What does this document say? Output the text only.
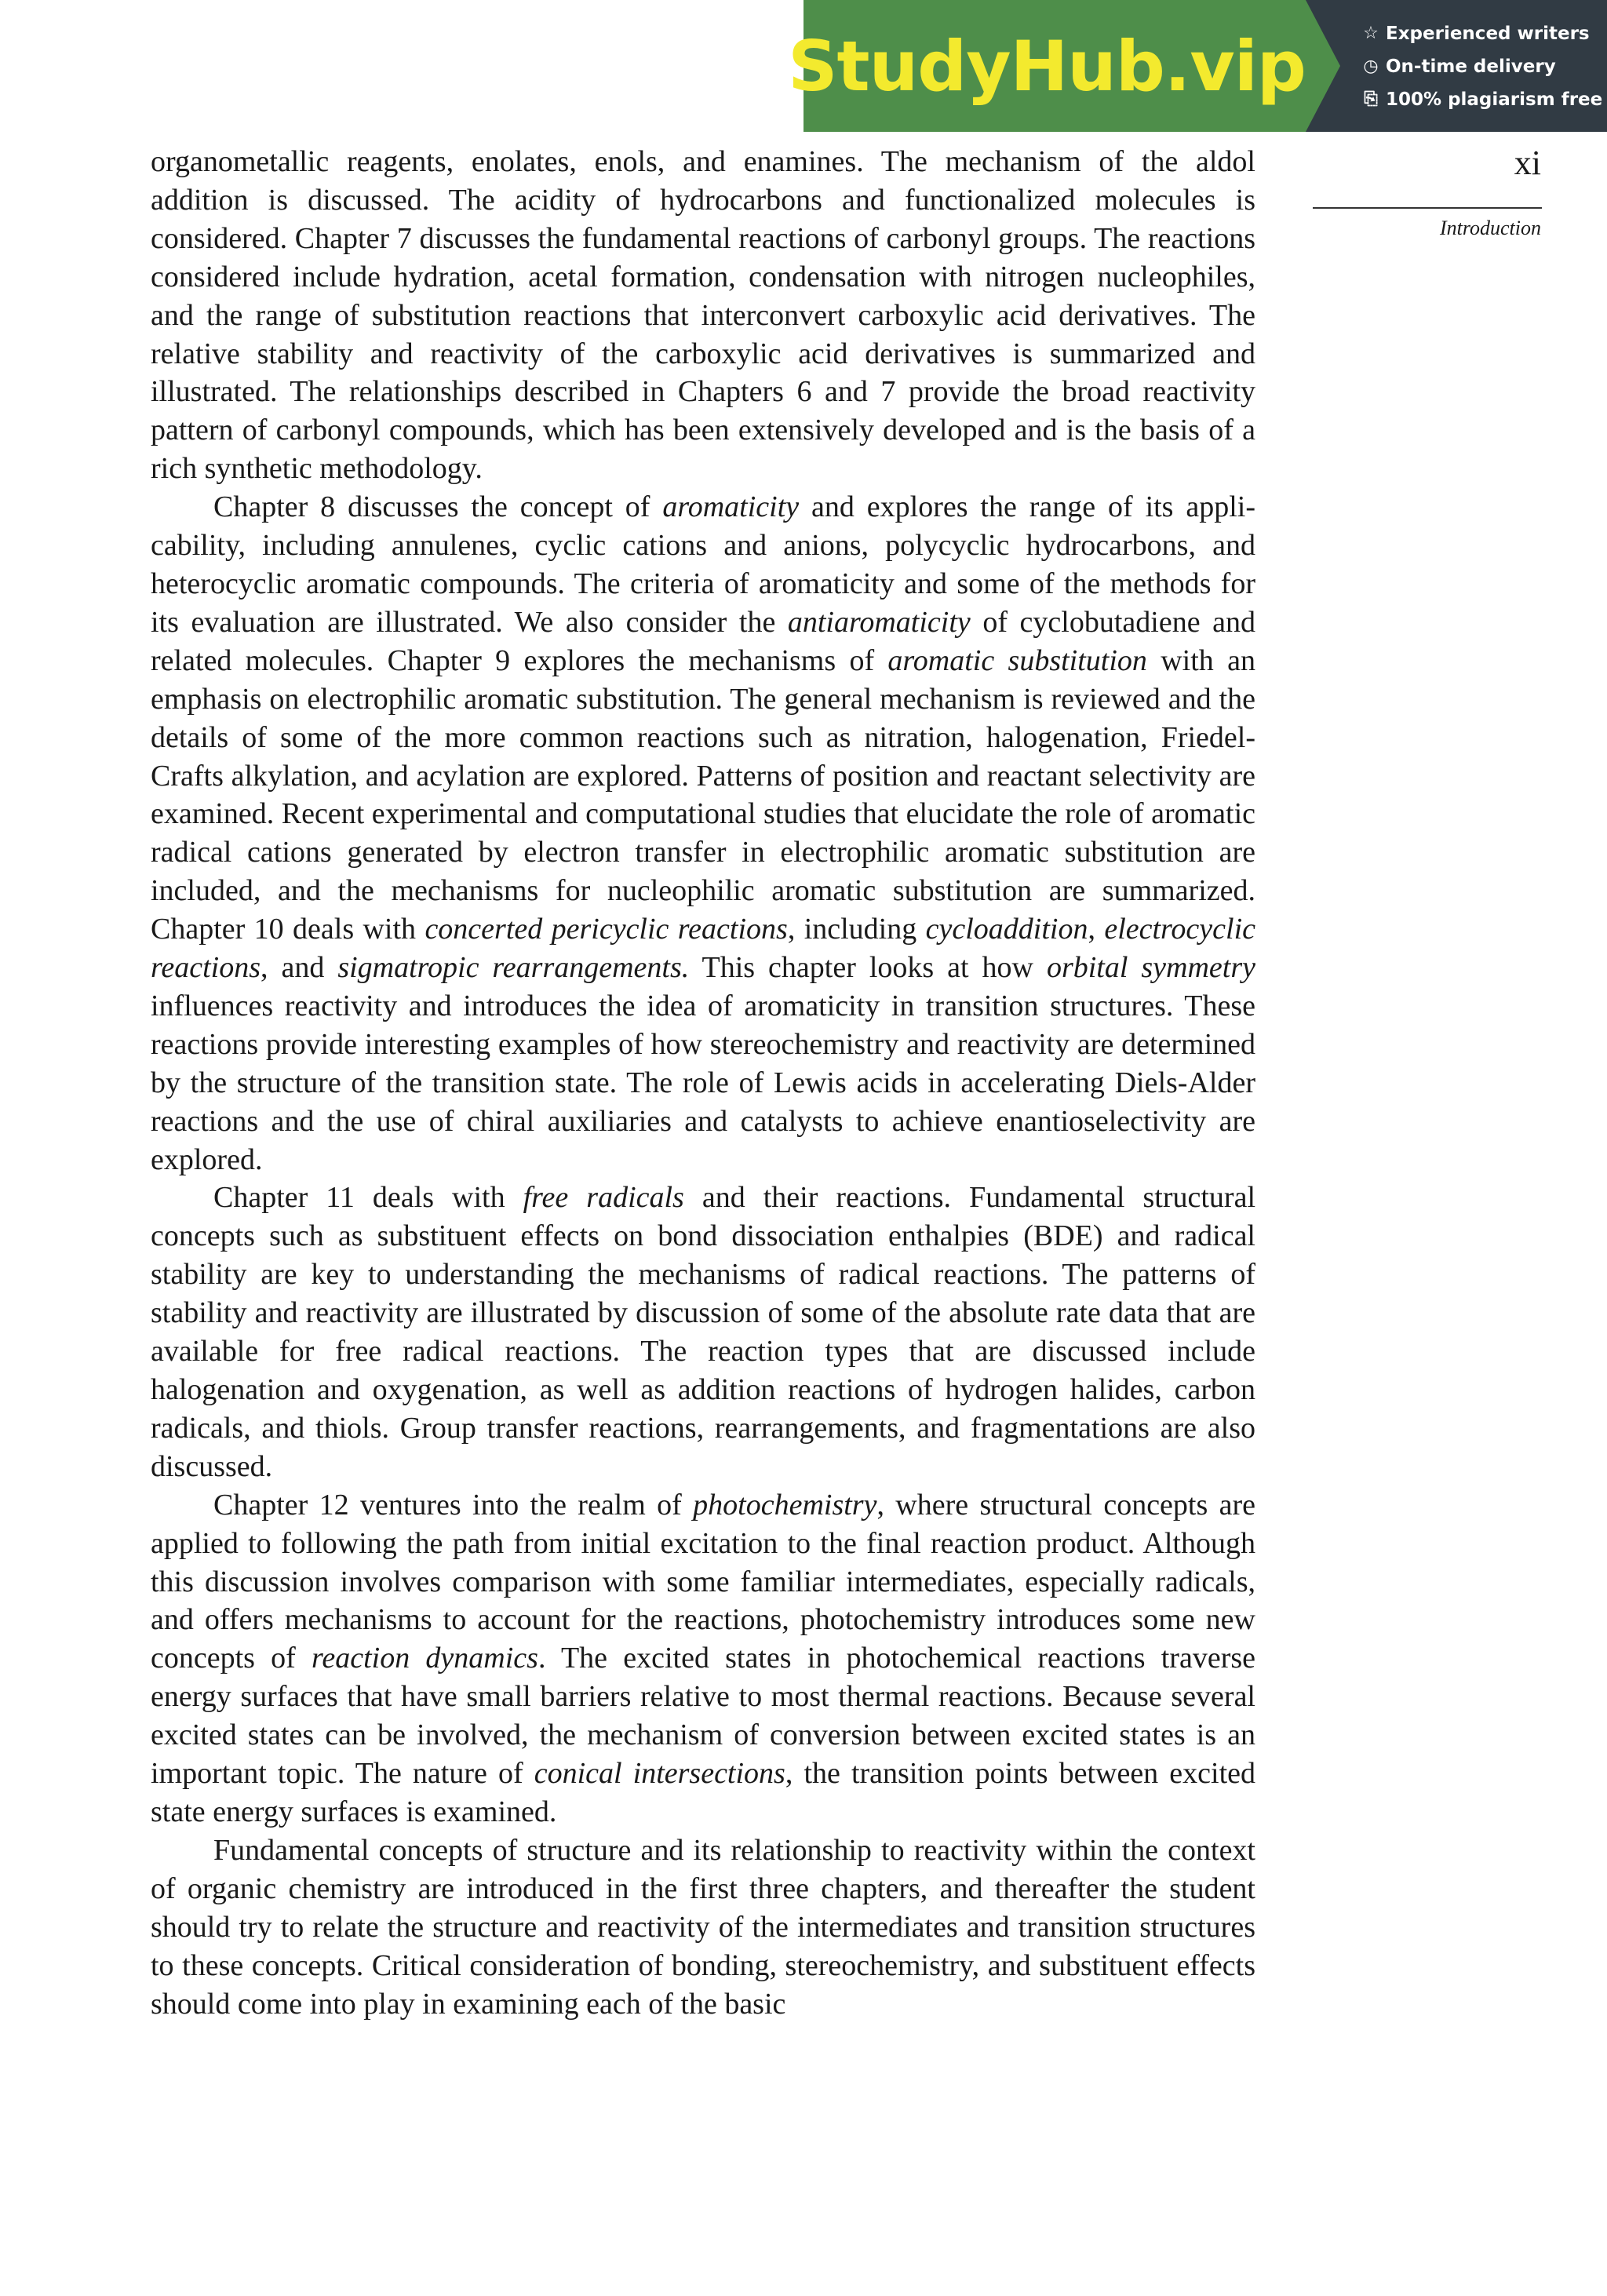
StudyHub.vip	☆ Experienced writers
◷ On-time delivery
⎘ 100% plagiarism free
xi
Introduction

organometallic reagents, enolates, enols, and enamines. The mechanism of the aldol addition is discussed. The acidity of hydrocarbons and functionalized molecules is considered. Chapter 7 discusses the fundamental reactions of carbonyl groups. The reactions considered include hydration, acetal formation, condensation with nitrogen nucleophiles, and the range of substitution reactions that interconvert carboxylic acid derivatives. The relative stability and reactivity of the carboxylic acid derivatives is summarized and illustrated. The relationships described in Chapters 6 and 7 provide the broad reactivity pattern of carbonyl compounds, which has been extensively developed and is the basis of a rich synthetic methodology.

Chapter 8 discusses the concept of aromaticity and explores the range of its applicability, including annulenes, cyclic cations and anions, polycyclic hydrocarbons, and heterocyclic aromatic compounds. The criteria of aromaticity and some of the methods for its evaluation are illustrated. We also consider the antiaromaticity of cyclobutadiene and related molecules. Chapter 9 explores the mechanisms of aromatic substitution with an emphasis on electrophilic aromatic substitution. The general mechanism is reviewed and the details of some of the more common reactions such as nitration, halogenation, Friedel-Crafts alkylation, and acylation are explored. Patterns of position and reactant selectivity are examined. Recent experimental and computational studies that elucidate the role of aromatic radical cations generated by electron transfer in electrophilic aromatic substitution are included, and the mechanisms for nucleophilic aromatic substitution are summarized. Chapter 10 deals with concerted pericyclic reactions, including cycloaddition, electrocyclic reactions, and sigmatropic rearrangements. This chapter looks at how orbital symmetry influences reactivity and introduces the idea of aromaticity in transition structures. These reactions provide interesting examples of how stereochemistry and reactivity are determined by the structure of the transition state. The role of Lewis acids in accelerating Diels-Alder reactions and the use of chiral auxiliaries and catalysts to achieve enantioselectivity are explored.

Chapter 11 deals with free radicals and their reactions. Fundamental structural concepts such as substituent effects on bond dissociation enthalpies (BDE) and radical stability are key to understanding the mechanisms of radical reactions. The patterns of stability and reactivity are illustrated by discussion of some of the absolute rate data that are available for free radical reactions. The reaction types that are discussed include halogenation and oxygenation, as well as addition reactions of hydrogen halides, carbon radicals, and thiols. Group transfer reactions, rearrangements, and fragmentations are also discussed.

Chapter 12 ventures into the realm of photochemistry, where structural concepts are applied to following the path from initial excitation to the final reaction product. Although this discussion involves comparison with some familiar intermediates, especially radicals, and offers mechanisms to account for the reactions, photochemistry introduces some new concepts of reaction dynamics. The excited states in photochemical reactions traverse energy surfaces that have small barriers relative to most thermal reactions. Because several excited states can be involved, the mechanism of conversion between excited states is an important topic. The nature of conical intersections, the transition points between excited state energy surfaces is examined.

Fundamental concepts of structure and its relationship to reactivity within the context of organic chemistry are introduced in the first three chapters, and thereafter the student should try to relate the structure and reactivity of the intermediates and transition structures to these concepts. Critical consideration of bonding, stereochemistry, and substituent effects should come into play in examining each of the basic
